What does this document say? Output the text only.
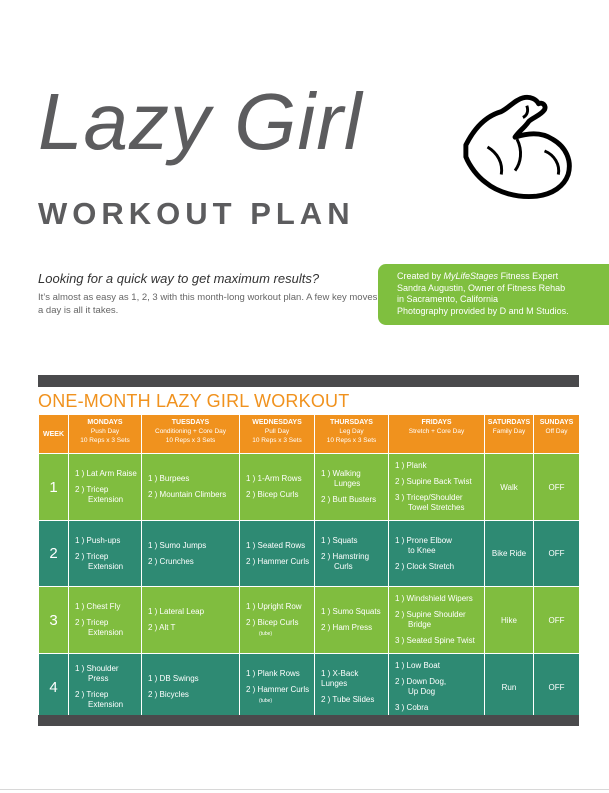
Lazy Girl
WORKOUT PLAN
Looking for a quick way to get maximum results?
It’s almost as easy as 1, 2, 3 with this month-long workout plan. A few key moves a day is all it takes.
Created by MyLifeStages Fitness Expert
Sandra Augustin, Owner of Fitness Rehab
in Sacramento, California
Photography provided by D and M Studios.
ONE-MONTH LAZY GIRL WORKOUT
WEEK	MONDAYS
Push Day
10 Reps x 3 Sets	TUESDAYS
Conditioning + Core Day
10 Reps x 3 Sets	WEDNESDAYS
Pull Day
10 Reps x 3 Sets	THURSDAYS
Leg Day
10 Reps x 3 Sets	FRIDAYS
Stretch + Core Day	SATURDAYS
Family Day	SUNDAYS
Off Day
1	1 ) Lat Arm Raise
2 ) Tricep
Extension	1 ) Burpees
2 ) Mountain Climbers	1 ) 1-Arm Rows
2 ) Bicep Curls	1 ) Walking
Lunges
2 ) Butt Busters	1 ) Plank
2 ) Supine Back Twist
3 ) Tricep/Shoulder
Towel Stretches	Walk	OFF
2	1 ) Push-ups
2 ) Tricep
Extension	1 ) Sumo Jumps
2 ) Crunches	1 ) Seated Rows
2 ) Hammer Curls	1 ) Squats
2 ) Hamstring
Curls	1 ) Prone Elbow
to Knee
2 ) Clock Stretch	Bike Ride	OFF
3	1 ) Chest Fly
2 ) Tricep
Extension	1 ) Lateral Leap
2 ) Alt T	1 ) Upright Row
2 ) Bicep Curls
(tube)	1 ) Sumo Squats
2 ) Ham Press	1 ) Windshield Wipers
2 ) Supine Shoulder
Bridge
3 ) Seated Spine Twist	Hike	OFF
4	1 ) Shoulder
Press
2 ) Tricep
Extension	1 ) DB Swings
2 ) Bicycles	1 ) Plank Rows
2 ) Hammer Curls
(tube)	1 ) X-Back Lunges
2 ) Tube Slides	1 ) Low Boat
2 ) Down Dog,
Up Dog
3 ) Cobra	Run	OFF
